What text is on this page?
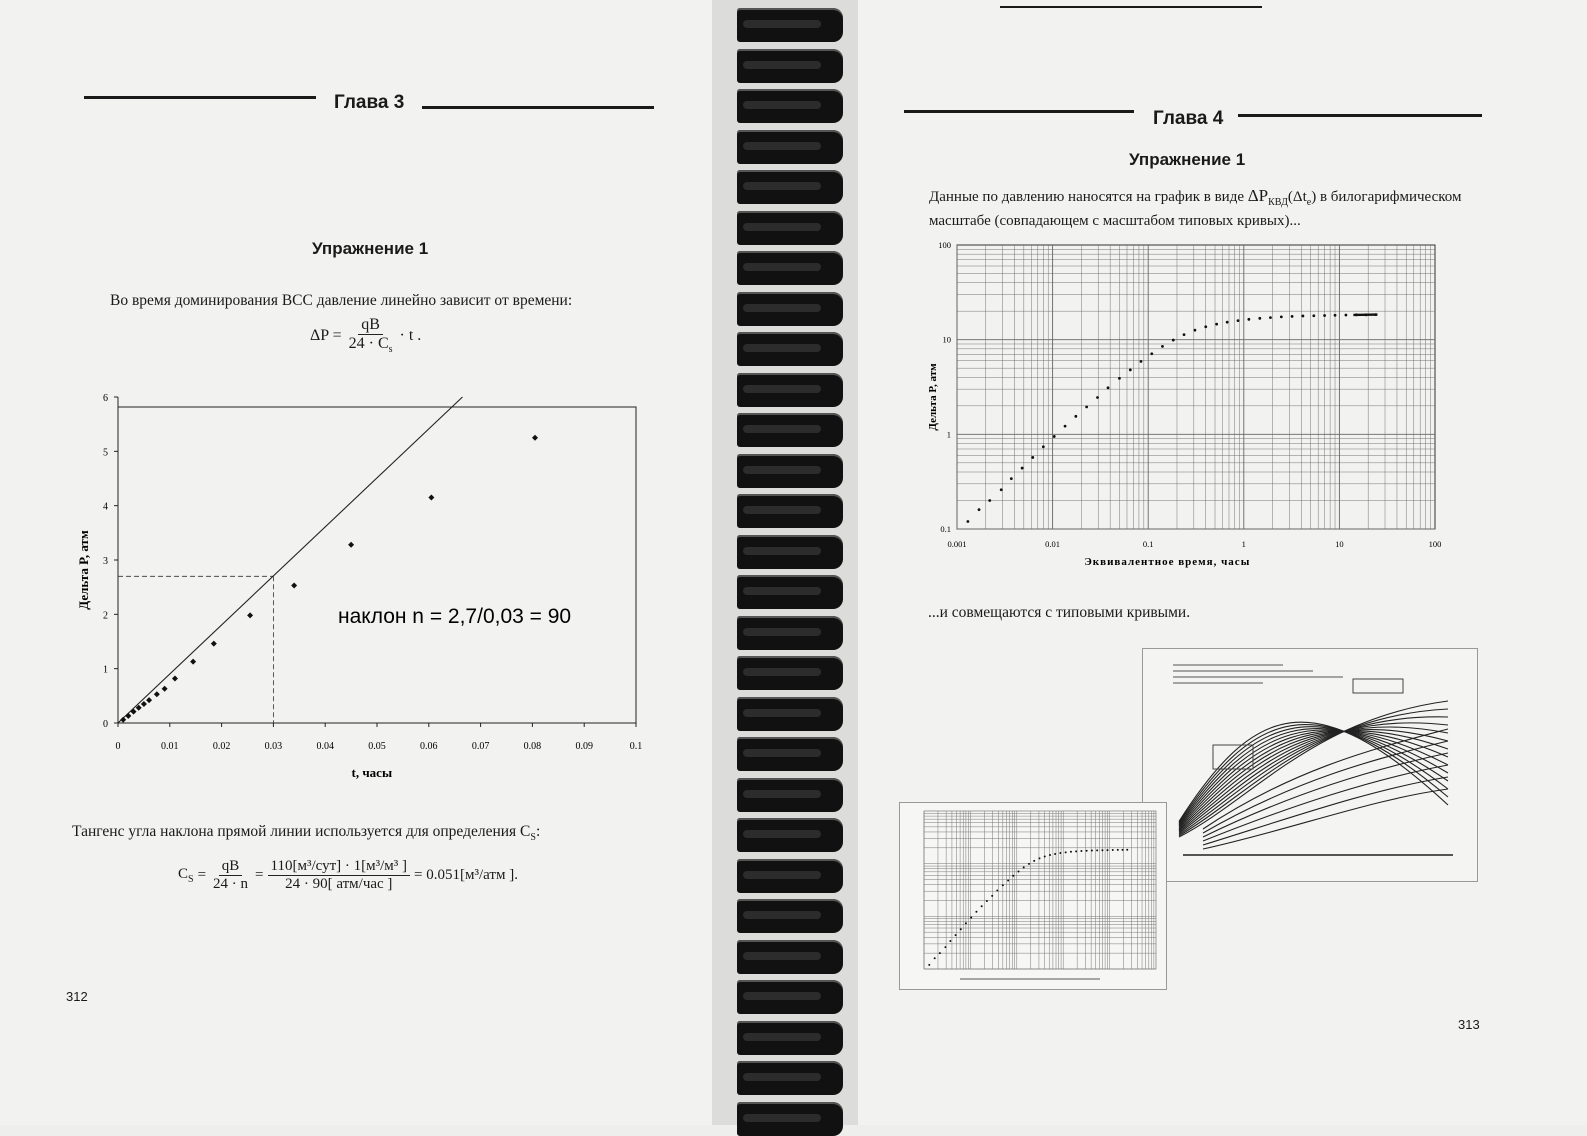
Глава 3
Упражнение 1
Во время доминирования ВСС давление линейно зависит от времени:
$\Delta P = \frac{qB}{24 \cdot C_s} \cdot t$ .
0
1
2
3
4
5
6
0	0.01	0.02	0.03	0.04	0.05	0.06	0.07	0.08	0.09	0.1
t, часы
Дельта P, атм
наклон n = 2,7/0,03 = 90
Тангенс угла наклона прямой линии используется для определения $C_S$:
$C_S = \frac{qB}{24 \cdot n} = \frac{\text{110[м³/сут] · 1[м³/м³ ]}}{\text{24 · 90[ атм/час ]}} = 0.051[м^3/атм$ ].
312
Глава 4
Упражнение 1
Данные по давлению наносятся на график в виде $\Delta P_{КВД}(\Delta t_e)$ в билогарифмическом
масштабе (совпадающем с масштабом типовых кривых)...
0.001	0.01	0.1	1	10	100
0.1
1
10
100
Эквивалентное время, часы
Дельта P, атм
...и совмещаются с типовыми кривыми.
313
